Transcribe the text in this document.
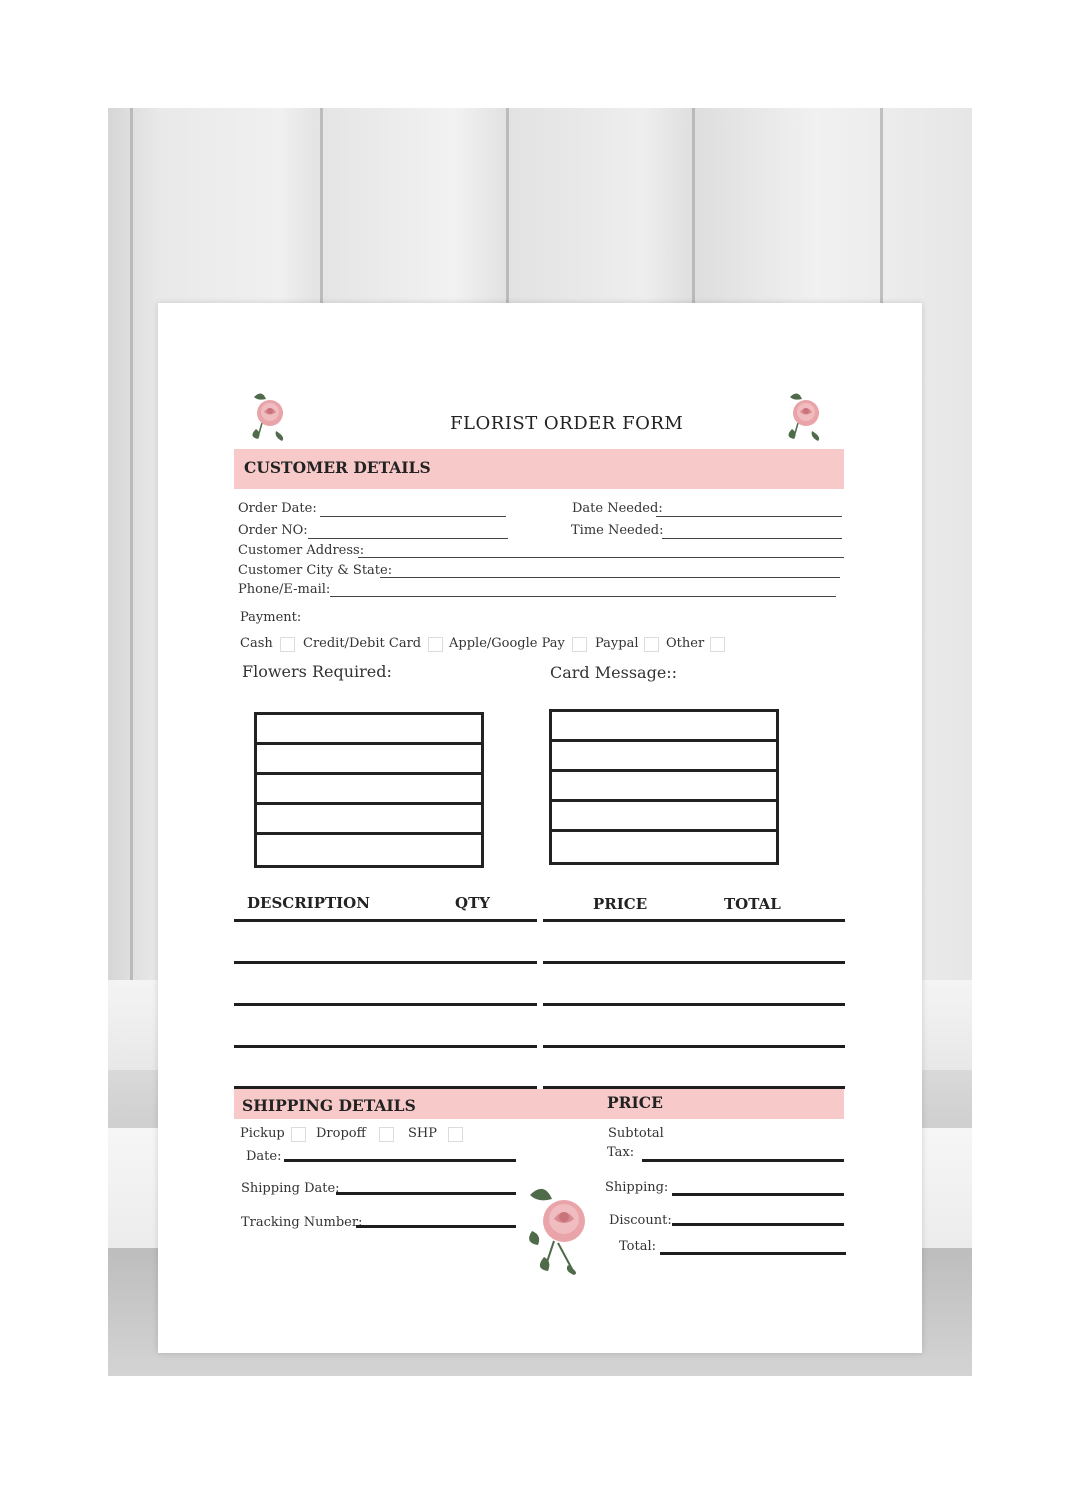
FLORIST ORDER FORM
CUSTOMER DETAILS
Order Date:	Date Needed:
Order NO:	Time Needed:
Customer Address:
Customer City & State:
Phone/E-mail:
Payment:
Cash Credit/Debit Card Apple/Google Pay Paypal Other
Flowers Required:	Card Message::
DESCRIPTION	QTY	PRICE	TOTAL
SHIPPING DETAILS	PRICE
Pickup Dropoff	SHP
Date:
Shipping Date:
Tracking Number:
Subtotal
Tax:
Shipping:
Discount:
Total:
